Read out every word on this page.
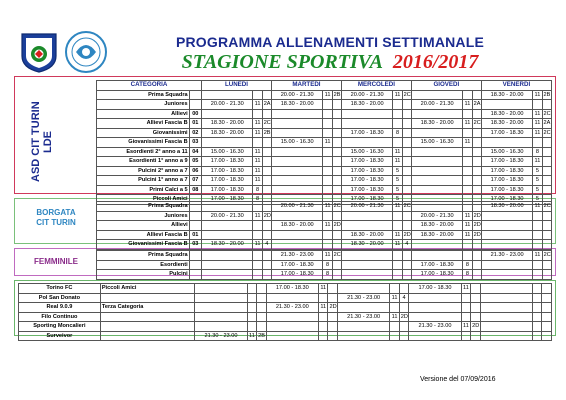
PROGRAMMA ALLENAMENTI SETTIMANALE
STAGIONE SPORTIVA 2016/2017
ASD CIT TURIN LDE
BORGATA
CIT TURIN
FEMMINILE
CATEGORIA		LUNEDI			MARTEDI			MERCOLEDI			GIOVEDI			VENERDI		
Prima Squadra					20.00 - 21.30	11	2B	20.00 - 21.30	11	2C				18.30 - 20.00	11	2B
Juniores		20.00 - 21.30	11	2A	18.30 - 20.00			18.30 - 20.00			20.00 - 21.30	11	2A			
Allievi	00													18.30 - 20.00	11	2C
Allievi Fascia B	01	18.30 - 20.00	11	2C							18.30 - 20.00	11	2C	18.30 - 20.00	11	2A
Giovanissimi	02	18.30 - 20.00	11	2B				17.00 - 18.30	8					17.00 - 18.30	11	2C
Giovanissimi Fascia B	03				15.00 - 16.30	11					15.00 - 16.30	11				
Esordienti 2° anno a 11	04	15.00 - 16.30	11					15.00 - 16.30	11					15.00 - 16.30	8	
Esordienti 1° anno a 9	05	17.00 - 18.30	11					17.00 - 18.30	11					17.00 - 18.30	11	
Pulcini 2° anno a 7	06	17.00 - 18.30	11					17.00 - 18.30	5					17.00 - 18.30	5	
Pulcini 1° anno a 7	07	17.00 - 18.30	11					17.00 - 18.30	5					17.00 - 18.30	5	
Primi Calci a 5	08	17.00 - 18.30	8					17.00 - 18.30	5					17.00 - 18.30	5	
Piccoli Amici		17.00 - 18.30	8					17.00 - 18.30	5					17.00 - 18.30	5	
Prima Squadra					20.00 - 21.30	11	2C	20.00 - 21.30	11	2C				18.30 - 20.00	11	2C
Juniores		20.00 - 21.30	11	2D							20.00 - 21.30	11	2D			
Allievi					18.30 - 20.00	11	2D				18.30 - 20.00	11	2D			
Allievi Fascia B	01							18.30 - 20.00	11	2D	18.30 - 20.00	11	2D			
Giovanissimi Fascia B	03	18.30 - 20.00	11	4				18.30 - 20.00	11	4						
Prima Squadra					21.30 - 23.00	11	2C							21.30 - 23.00	11	2C
Esordienti					17.00 - 18.30	8					17.00 - 18.30	8				
Pulcini					17.00 - 18.30	8					17.00 - 18.30	8				
Torino FC	Piccoli Amici				17.00 - 18.30	11					17.00 - 18.30	11				
Pol San Donato								21.30 - 23.00	11	4						
Real 9.0.9	Terza Categoria				21.30 - 23.00	11	2D									
Filo Continuo								21.30 - 23.00	11	2D						
Sporting Moncalieri											21.30 - 23.00	11	2D			
Surveivor		21.30 - 23.00	11	2B												
Versione del 07/09/2016
